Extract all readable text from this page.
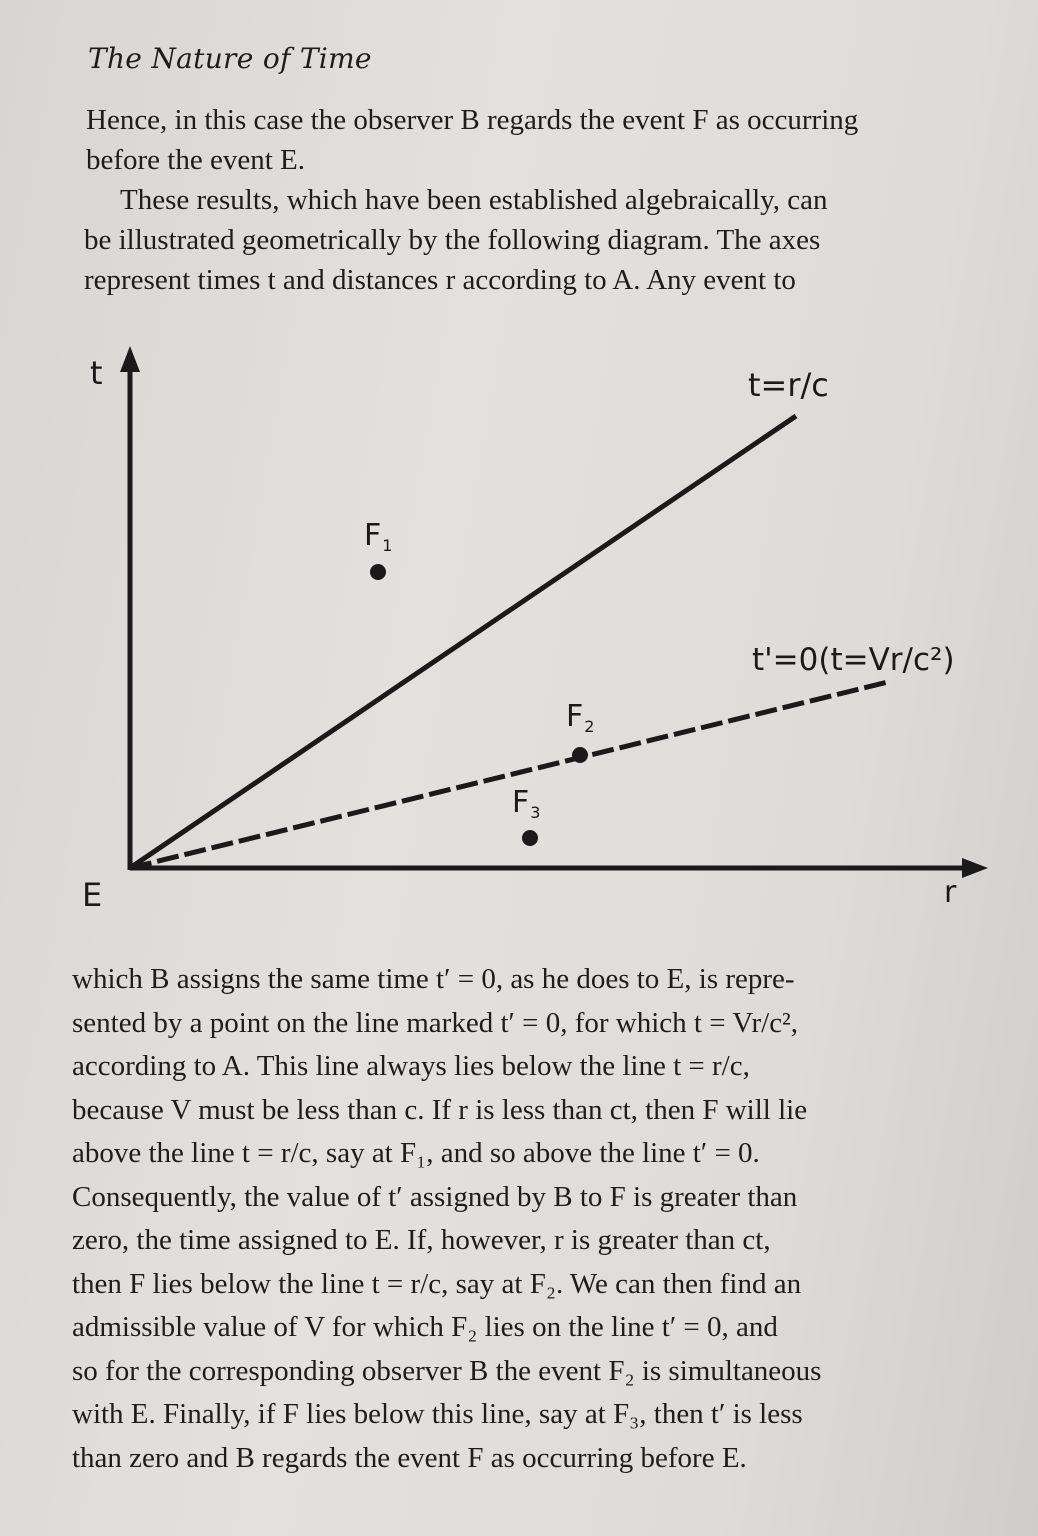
The Nature of Time

Hence, in this case the observer B regards the event F as occurring
before the event E.

These results, which have been established algebraically, can
be illustrated geometrically by the following diagram. The axes
represent times t and distances r according to A. Any event to

t
r
E
t=r/c
t'=0(t=Vr/c²)
$F_1$
$F_2$
$F_3$

which B assigns the same time t′ = 0, as he does to E, is repre-
sented by a point on the line marked t′ = 0, for which t = Vr/c²,
according to A. This line always lies below the line t = r/c,
because V must be less than c. If r is less than ct, then F will lie
above the line t = r/c, say at F₁, and so above the line t′ = 0.
Consequently, the value of t′ assigned by B to F is greater than
zero, the time assigned to E. If, however, r is greater than ct,
then F lies below the line t = r/c, say at F₂. We can then find an
admissible value of V for which F₂ lies on the line t′ = 0, and
so for the corresponding observer B the event F₂ is simultaneous
with E. Finally, if F lies below this line, say at F₃, then t′ is less
than zero and B regards the event F as occurring before E.
